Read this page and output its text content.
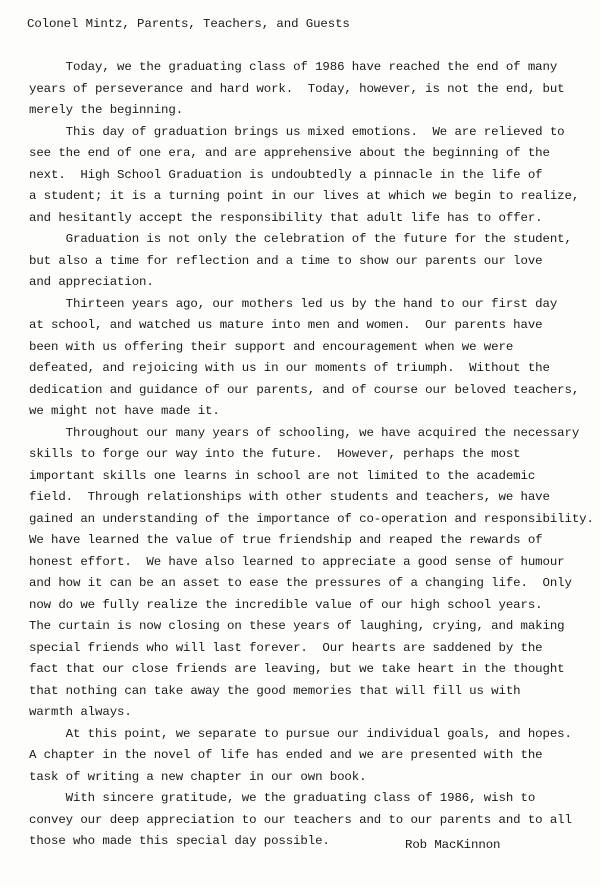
Colonel Mintz, Parents, Teachers, and Guests
Today, we the graduating class of 1986 have reached the end of many
years of perseverance and hard work.  Today, however, is not the end, but
merely the beginning.
This day of graduation brings us mixed emotions.  We are relieved to
see the end of one era, and are apprehensive about the beginning of the
next.  High School Graduation is undoubtedly a pinnacle in the life of
a student; it is a turning point in our lives at which we begin to realize,
and hesitantly accept the responsibility that adult life has to offer.
Graduation is not only the celebration of the future for the student,
but also a time for reflection and a time to show our parents our love
and appreciation.
Thirteen years ago, our mothers led us by the hand to our first day
at school, and watched us mature into men and women.  Our parents have
been with us offering their support and encouragement when we were
defeated, and rejoicing with us in our moments of triumph.  Without the
dedication and guidance of our parents, and of course our beloved teachers,
we might not have made it.
Throughout our many years of schooling, we have acquired the necessary
skills to forge our way into the future.  However, perhaps the most
important skills one learns in school are not limited to the academic
field.  Through relationships with other students and teachers, we have
gained an understanding of the importance of co-operation and responsibility.
We have learned the value of true friendship and reaped the rewards of
honest effort.  We have also learned to appreciate a good sense of humour
and how it can be an asset to ease the pressures of a changing life.  Only
now do we fully realize the incredible value of our high school years.
The curtain is now closing on these years of laughing, crying, and making
special friends who will last forever.  Our hearts are saddened by the
fact that our close friends are leaving, but we take heart in the thought
that nothing can take away the good memories that will fill us with
warmth always.
At this point, we separate to pursue our individual goals, and hopes.
A chapter in the novel of life has ended and we are presented with the
task of writing a new chapter in our own book.
With sincere gratitude, we the graduating class of 1986, wish to
convey our deep appreciation to our teachers and to our parents and to all
those who made this special day possible.	Rob MacKinnon
